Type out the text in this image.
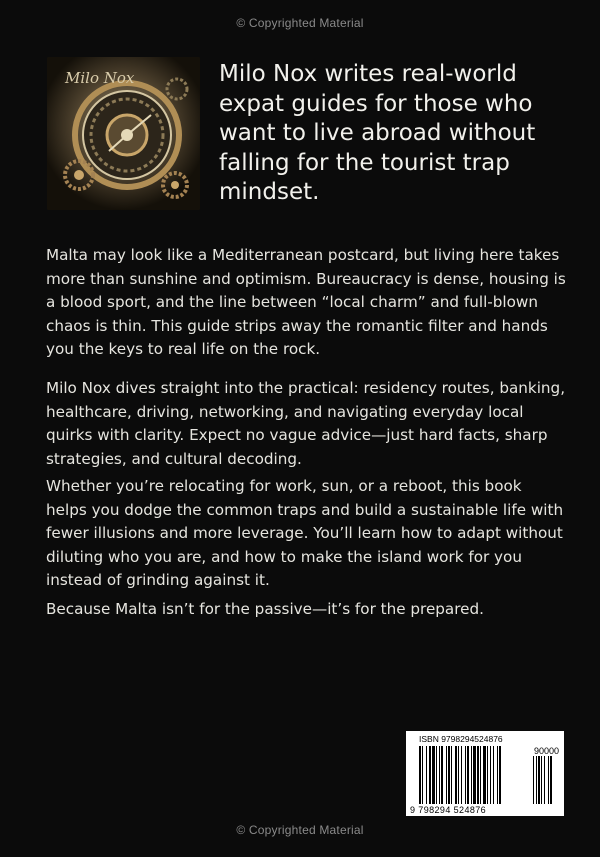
© Copyrighted Material
Milo Nox	Milo Nox writes real-world expat guides for those who want to live abroad without falling for the tourist trap mindset.

Malta may look like a Mediterranean postcard, but living here takes more than sunshine and optimism. Bureaucracy is dense, housing is a blood sport, and the line between “local charm” and full-blown chaos is thin. This guide strips away the romantic filter and hands you the keys to real life on the rock.

Milo Nox dives straight into the practical: residency routes, banking, healthcare, driving, networking, and navigating everyday local quirks with clarity. Expect no vague advice—just hard facts, sharp strategies, and cultural decoding.

Whether you’re relocating for work, sun, or a reboot, this book helps you dodge the common traps and build a sustainable life with fewer illusions and more leverage. You’ll learn how to adapt without diluting who you are, and how to make the island work for you instead of grinding against it.

Because Malta isn’t for the passive—it’s for the prepared.

ISBN 9798294524876
90000
9 798294 524876
© Copyrighted Material
